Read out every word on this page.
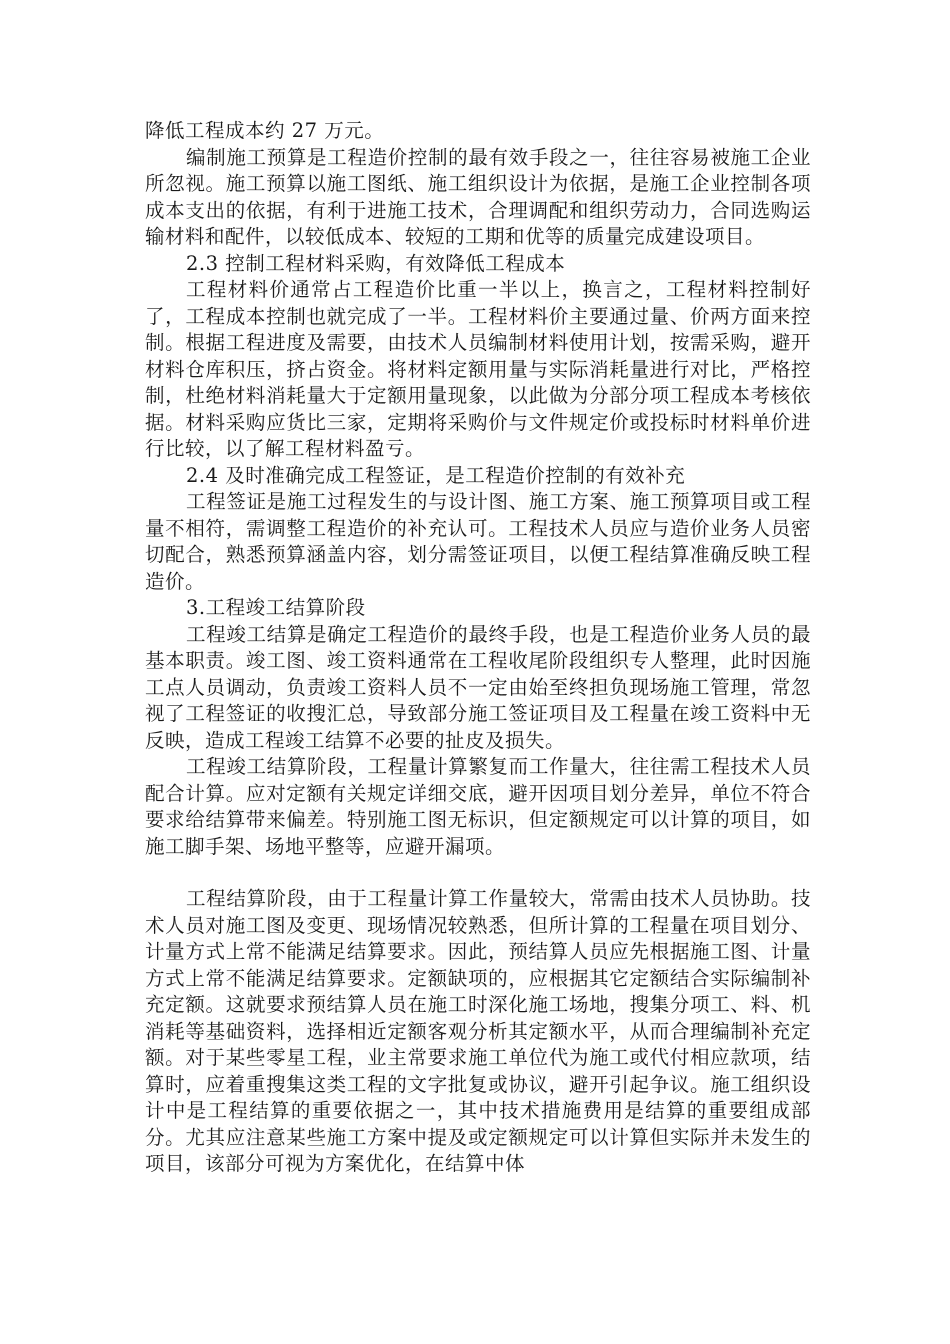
降低工程成本约 27 万元。

编制施工预算是工程造价控制的最有效手段之一，往往容易被施工企业所忽视。施工预算以施工图纸、施工组织设计为依据，是施工企业控制各项成本支出的依据，有利于进施工技术，合理调配和组织劳动力，合同选购运输材料和配件，以较低成本、较短的工期和优等的质量完成建设项目。

2.3 控制工程材料采购，有效降低工程成本

工程材料价通常占工程造价比重一半以上，换言之，工程材料控制好了，工程成本控制也就完成了一半。工程材料价主要通过量、价两方面来控制。根据工程进度及需要，由技术人员编制材料使用计划，按需采购，避开材料仓库积压，挤占资金。将材料定额用量与实际消耗量进行对比，严格控制，杜绝材料消耗量大于定额用量现象，以此做为分部分项工程成本考核依据。材料采购应货比三家，定期将采购价与文件规定价或投标时材料单价进行比较，以了解工程材料盈亏。

2.4 及时准确完成工程签证，是工程造价控制的有效补充

工程签证是施工过程发生的与设计图、施工方案、施工预算项目或工程量不相符，需调整工程造价的补充认可。工程技术人员应与造价业务人员密切配合，熟悉预算涵盖内容，划分需签证项目，以便工程结算准确反映工程造价。

3.工程竣工结算阶段

工程竣工结算是确定工程造价的最终手段，也是工程造价业务人员的最基本职责。竣工图、竣工资料通常在工程收尾阶段组织专人整理，此时因施工点人员调动，负责竣工资料人员不一定由始至终担负现场施工管理，常忽视了工程签证的收搜汇总，导致部分施工签证项目及工程量在竣工资料中无反映，造成工程竣工结算不必要的扯皮及损失。

工程竣工结算阶段，工程量计算繁复而工作量大，往往需工程技术人员配合计算。应对定额有关规定详细交底，避开因项目划分差异，单位不符合要求给结算带来偏差。特别施工图无标识，但定额规定可以计算的项目，如施工脚手架、场地平整等，应避开漏项。

工程结算阶段，由于工程量计算工作量较大，常需由技术人员协助。技术人员对施工图及变更、现场情况较熟悉，但所计算的工程量在项目划分、计量方式上常不能满足结算要求。因此，预结算人员应先根据施工图、计量方式上常不能满足结算要求。定额缺项的，应根据其它定额结合实际编制补充定额。这就要求预结算人员在施工时深化施工场地，搜集分项工、料、机消耗等基础资料，选择相近定额客观分析其定额水平，从而合理编制补充定额。对于某些零星工程，业主常要求施工单位代为施工或代付相应款项，结算时，应着重搜集这类工程的文字批复或协议，避开引起争议。施工组织设计中是工程结算的重要依据之一，其中技术措施费用是结算的重要组成部分。尤其应注意某些施工方案中提及或定额规定可以计算但实际并未发生的项目，该部分可视为方案优化，在结算中体
